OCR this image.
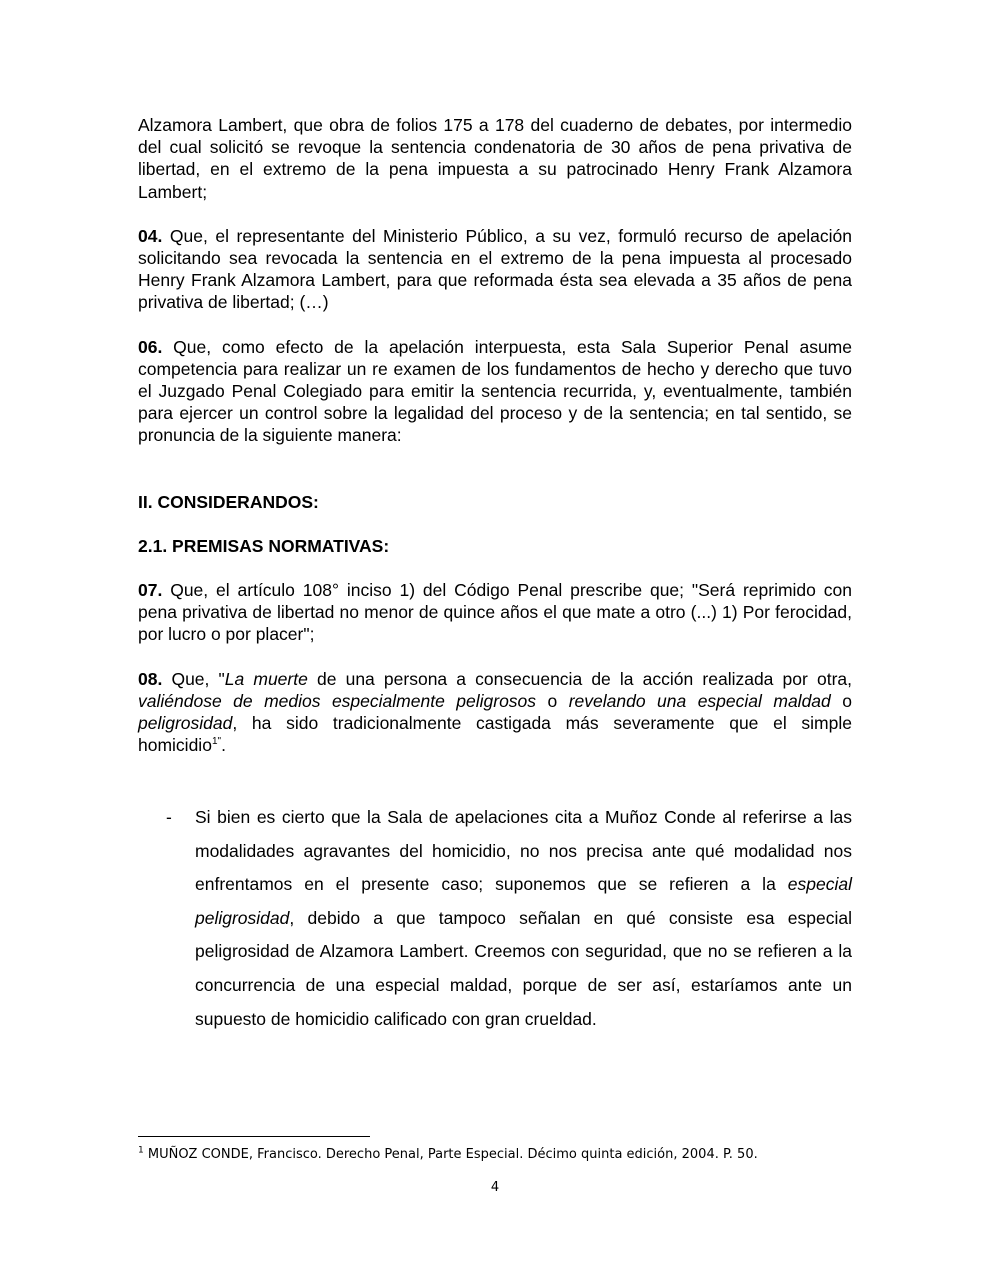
Alzamora Lambert, que obra de folios 175 a 178 del cuaderno de debates, por intermedio del cual solicitó se revoque la sentencia condenatoria de 30 años de pena privativa de libertad, en el extremo de la pena impuesta a su patrocinado Henry Frank Alzamora Lambert;

04. Que, el representante del Ministerio Público, a su vez, formuló recurso de apelación solicitando sea revocada la sentencia en el extremo de la pena impuesta al procesado Henry Frank Alzamora Lambert, para que reformada ésta sea elevada a 35 años de pena privativa de libertad; (…)

06. Que, como efecto de la apelación interpuesta, esta Sala Superior Penal asume competencia para realizar un re examen de los fundamentos de hecho y derecho que tuvo el Juzgado Penal Colegiado para emitir la sentencia recurrida, y, eventualmente, también para ejercer un control sobre la legalidad del proceso y de la sentencia; en tal sentido, se pronuncia de la siguiente manera:

II. CONSIDERANDOS:

2.1. PREMISAS NORMATIVAS:

07. Que, el artículo 108° inciso 1) del Código Penal prescribe que; "Será reprimido con pena privativa de libertad no menor de quince años el que mate a otro (...) 1) Por ferocidad, por lucro o por placer";

08. Que, "La muerte de una persona a consecuencia de la acción realizada por otra, valiéndose de medios especialmente peligrosos o revelando una especial maldad o peligrosidad, ha sido tradicionalmente castigada más severamente que el simple homicidio$^{1"}$.

- Si bien es cierto que la Sala de apelaciones cita a Muñoz Conde al referirse a las modalidades agravantes del homicidio, no nos precisa ante qué modalidad nos enfrentamos en el presente caso; suponemos que se refieren a la especial peligrosidad, debido a que tampoco señalan en qué consiste esa especial peligrosidad de Alzamora Lambert. Creemos con seguridad, que no se refieren a la concurrencia de una especial maldad, porque de ser así, estaríamos ante un supuesto de homicidio calificado con gran crueldad.

$^1$ MUÑOZ CONDE, Francisco. Derecho Penal, Parte Especial. Décimo quinta edición, 2004. P. 50.
4
